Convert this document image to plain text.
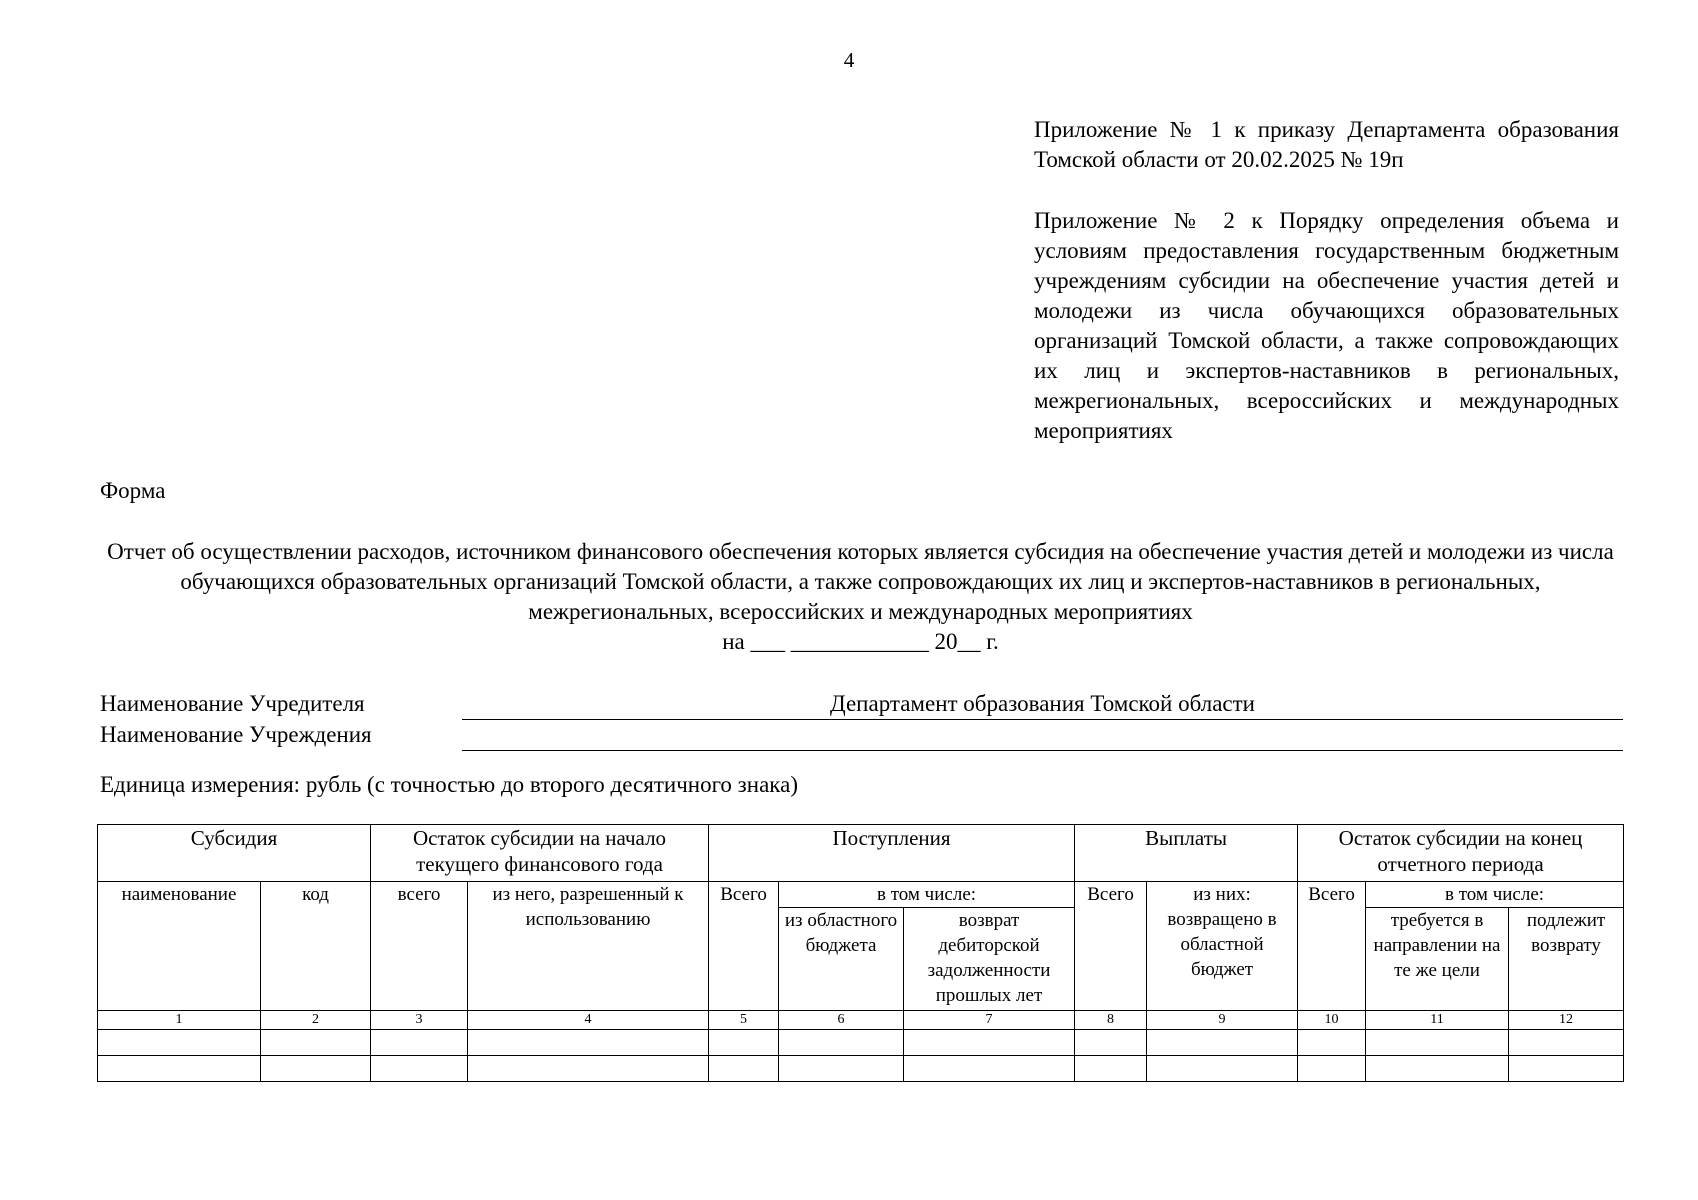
4
Приложение № 1 к приказу Департамента образования Томской области от 20.02.2025 № 19п
Приложение № 2 к Порядку определения объема и условиям предоставления государственным бюджетным учреждениям субсидии на обеспечение участия детей и молодежи из числа обучающихся образовательных организаций Томской области, а также сопровождающих их лиц и экспертов-наставников в региональных, межрегиональных, всероссийских и международных мероприятиях
Форма
Отчет об осуществлении расходов, источником финансового обеспечения которых является субсидия на обеспечение участия детей и молодежи из числа обучающихся образовательных организаций Томской области, а также сопровождающих их лиц и экспертов-наставников в региональных, межрегиональных, всероссийских и международных мероприятиях
на ___ ____________ 20__ г.
Наименование Учредителя	Департамент образования Томской области
Наименование Учреждения
Единица измерения: рубль (с точностью до второго десятичного знака)
Субсидия		Остаток субсидии на начало текущего финансового года		Поступления			Выплаты		Остаток субсидии на конец отчетного периода		
наименование	код	всего	из него, разрешенный к использованию	Всего	в том числе:		Всего	из них: возвращено в областной бюджет	Всего	в том числе:	
					из областного бюджета	возврат дебиторской задолженности прошлых лет				требуется в направлении на те же цели	подлежит возврату
1	2	3	4	5	6	7	8	9	10	11	12
